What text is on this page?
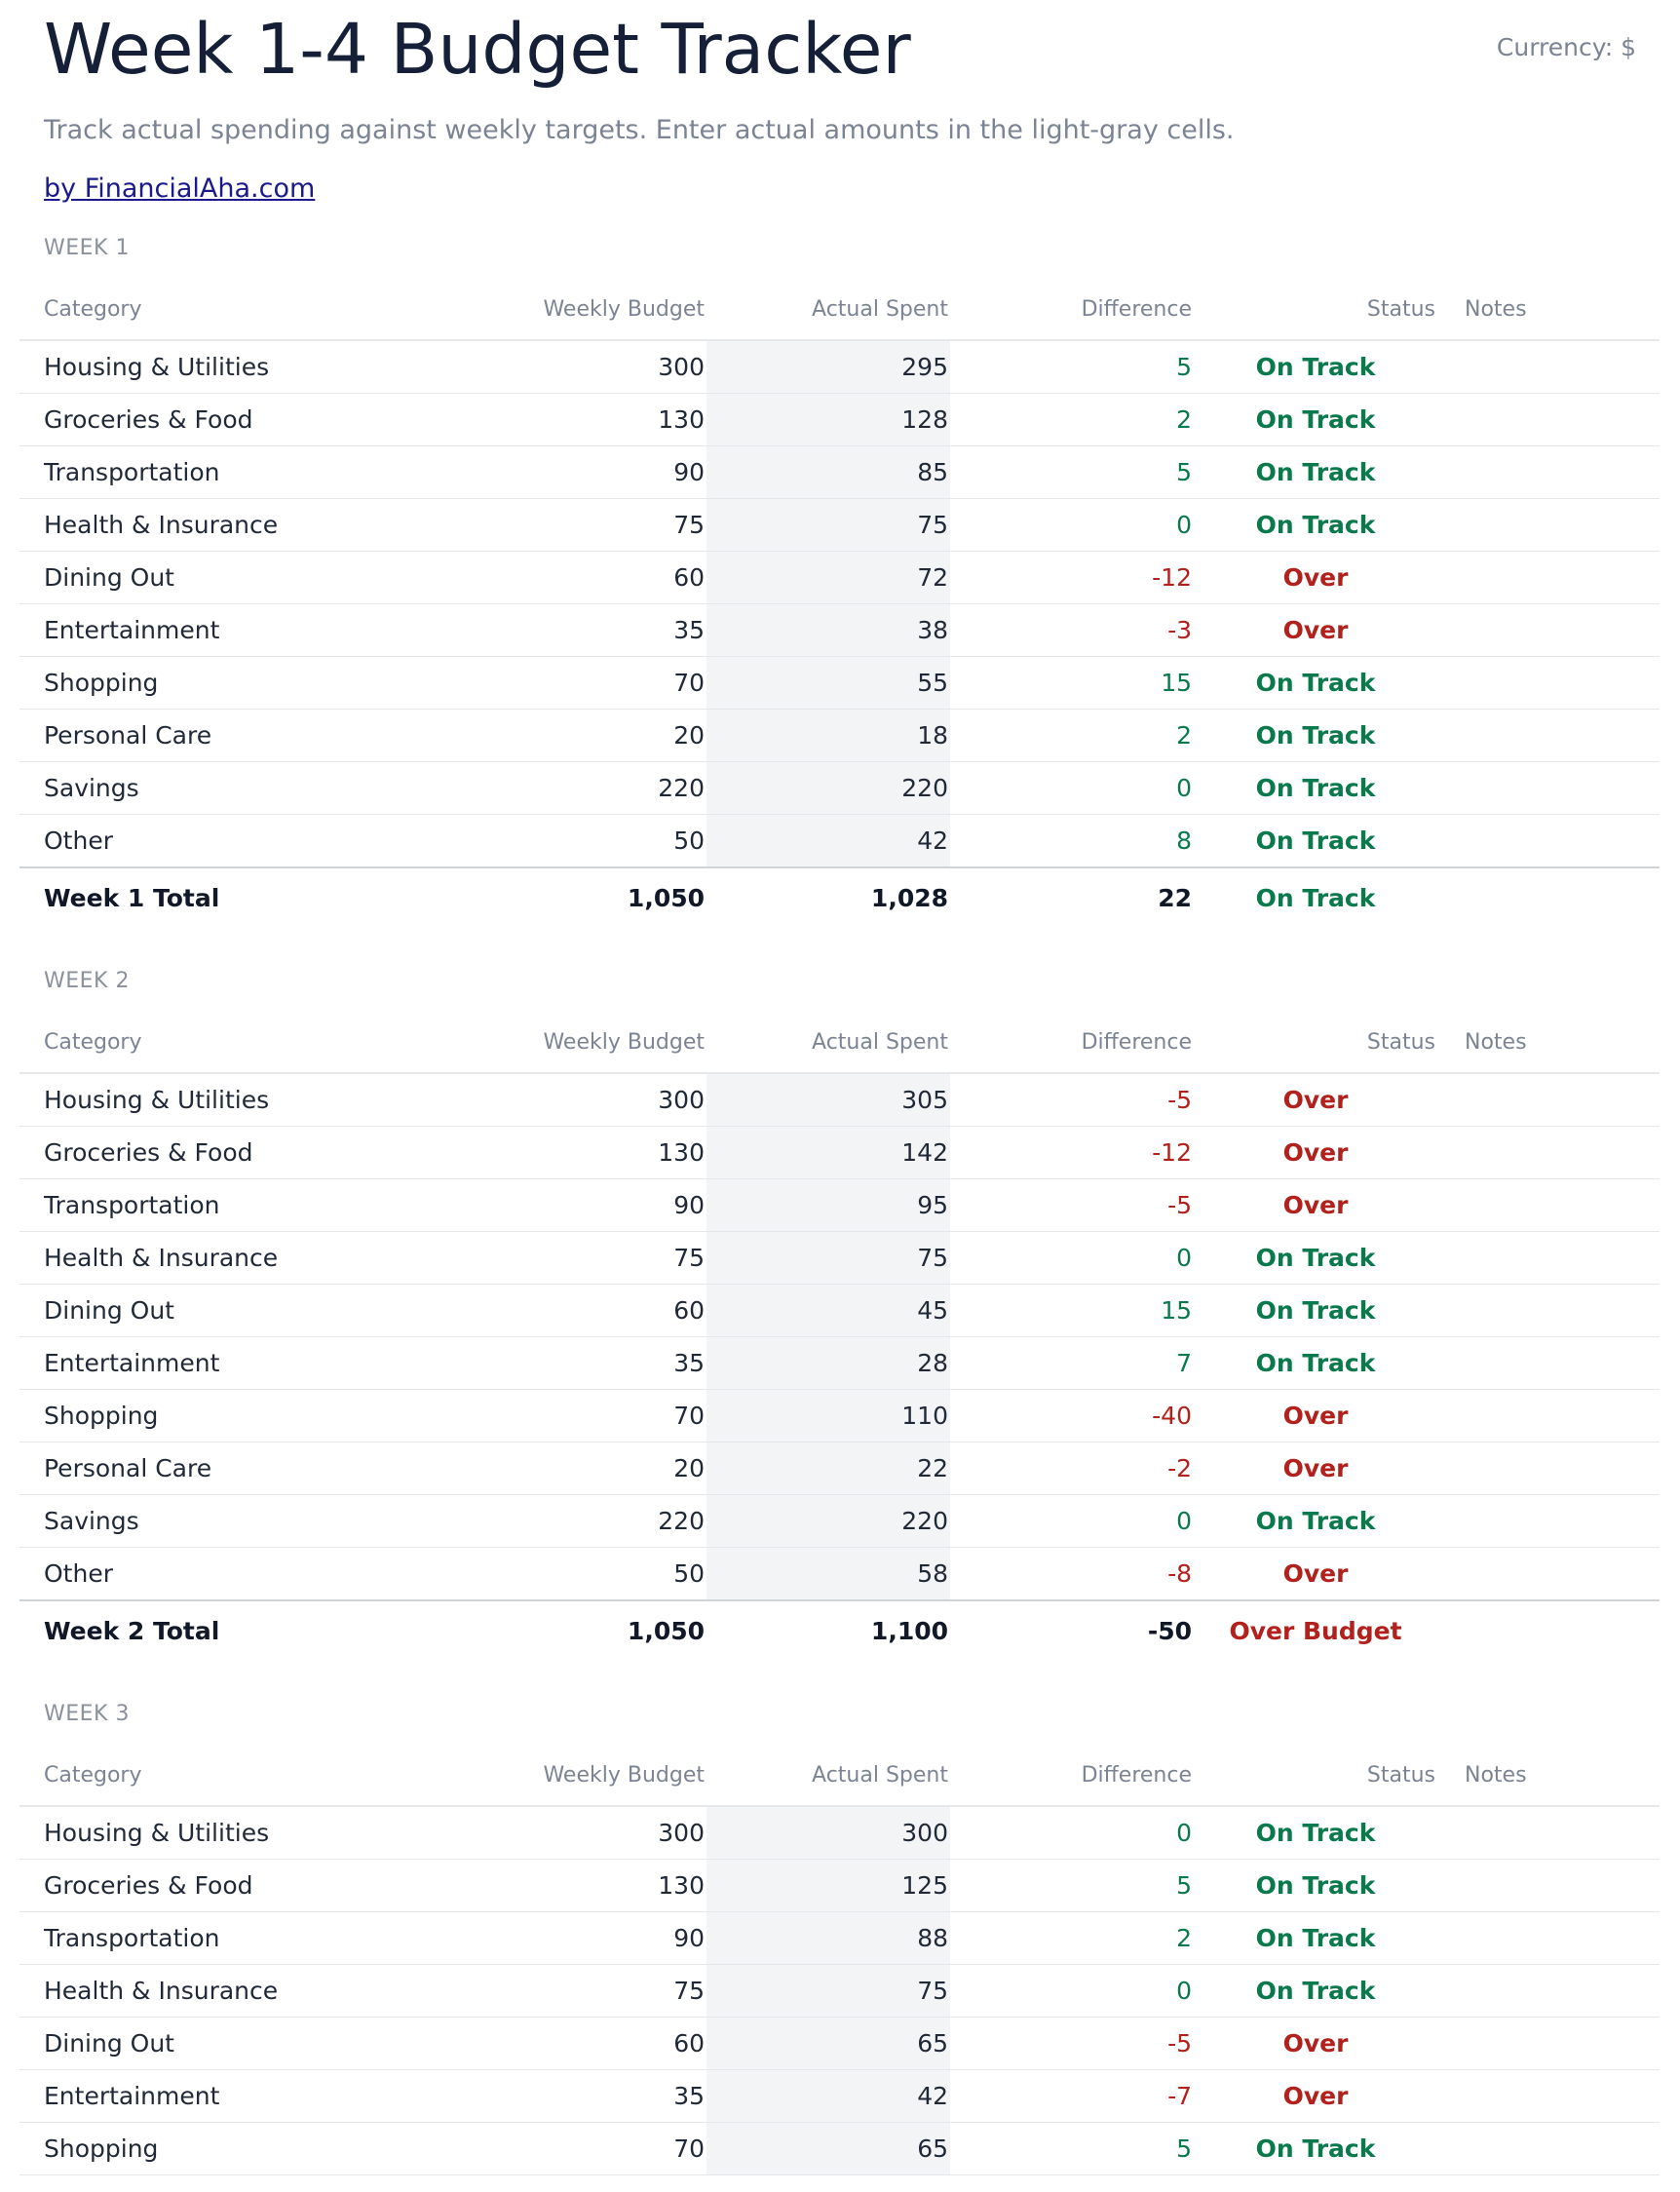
Week 1-4 Budget Tracker	Currency: $
Track actual spending against weekly targets. Enter actual amounts in the light-gray cells.
by FinancialAha.com
WEEK 1
Category	Weekly Budget	Actual Spent	Difference	Status	Notes
Housing & Utilities	300	295	5	On Track	
Groceries & Food	130	128	2	On Track	
Transportation	90	85	5	On Track	
Health & Insurance	75	75	0	On Track	
Dining Out	60	72	-12	Over	
Entertainment	35	38	-3	Over	
Shopping	70	55	15	On Track	
Personal Care	20	18	2	On Track	
Savings	220	220	0	On Track	
Other	50	42	8	On Track	
Week 1 Total	1,050	1,028	22	On Track	
WEEK 2
Category	Weekly Budget	Actual Spent	Difference	Status	Notes
Housing & Utilities	300	305	-5	Over	
Groceries & Food	130	142	-12	Over	
Transportation	90	95	-5	Over	
Health & Insurance	75	75	0	On Track	
Dining Out	60	45	15	On Track	
Entertainment	35	28	7	On Track	
Shopping	70	110	-40	Over	
Personal Care	20	22	-2	Over	
Savings	220	220	0	On Track	
Other	50	58	-8	Over	
Week 2 Total	1,050	1,100	-50	Over Budget	
WEEK 3
Category	Weekly Budget	Actual Spent	Difference	Status	Notes
Housing & Utilities	300	300	0	On Track	
Groceries & Food	130	125	5	On Track	
Transportation	90	88	2	On Track	
Health & Insurance	75	75	0	On Track	
Dining Out	60	65	-5	Over	
Entertainment	35	42	-7	Over	
Shopping	70	65	5	On Track	
